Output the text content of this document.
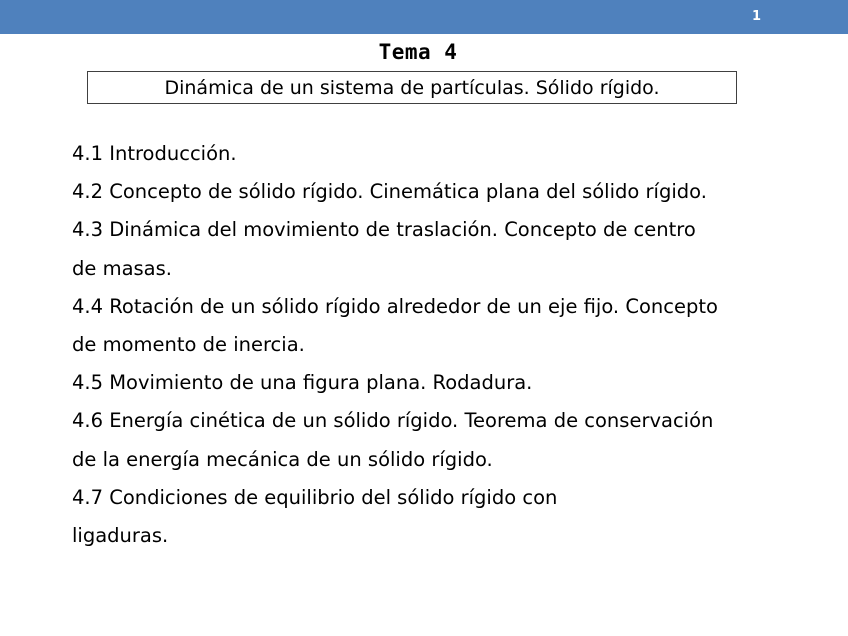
1
Tema 4
Dinámica de un sistema de partículas. Sólido rígido.
4.1 Introducción.
4.2 Concepto de sólido rígido. Cinemática plana del sólido rígido.
4.3 Dinámica del movimiento de traslación. Concepto de centro
de masas.
4.4 Rotación de un sólido rígido alrededor de un eje fijo. Concepto
de momento de inercia.
4.5 Movimiento de una figura plana. Rodadura.
4.6 Energía cinética de un sólido rígido. Teorema de conservación
de la energía mecánica de un sólido rígido.
4.7 Condiciones de equilibrio del sólido rígido con
ligaduras.
